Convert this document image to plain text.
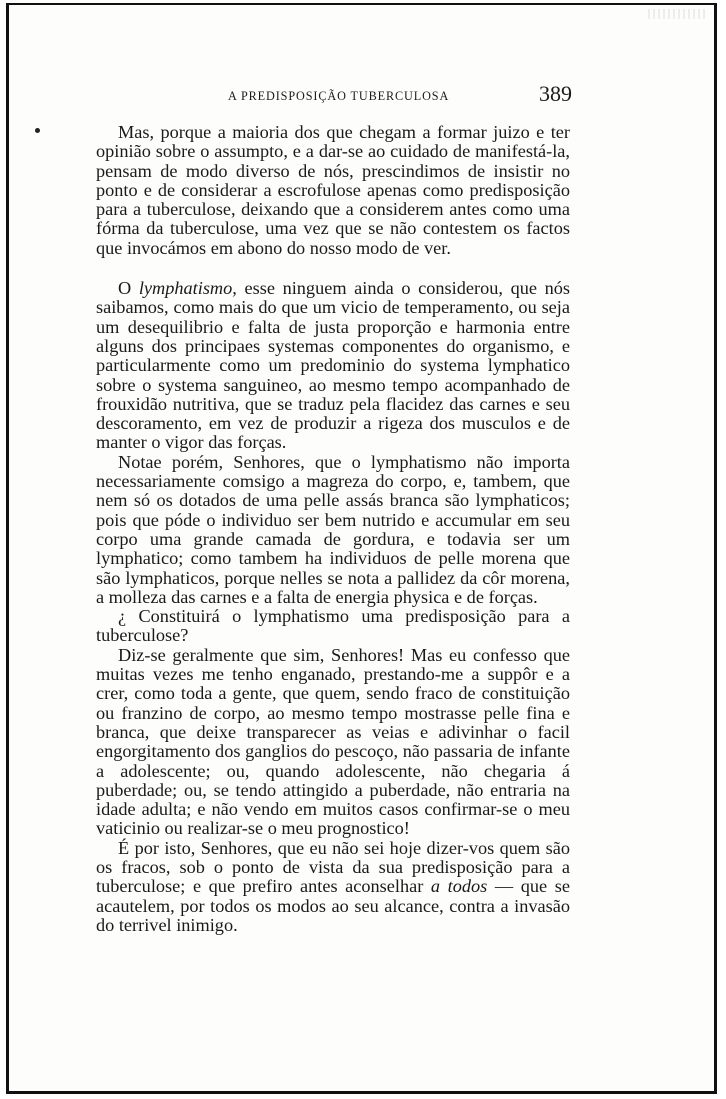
A PREDISPOSIÇÃO TUBERCULOSA	389

Mas, porque a maioria dos que chegam a formar juizo e ter opinião sobre o assumpto, e a dar-se ao cuidado de manifestá-la, pensam de modo diverso de nós, prescindimos de insistir no ponto e de considerar a escrofulose apenas como predisposição para a tuberculose, deixando que a considerem antes como uma fórma da tuberculose, uma vez que se não contestem os factos que invocámos em abono do nosso modo de ver.

O lymphatismo, esse ninguem ainda o considerou, que nós saibamos, como mais do que um vicio de temperamento, ou seja um desequilibrio e falta de justa proporção e harmonia entre alguns dos principaes systemas componentes do organismo, e particularmente como um predominio do systema lymphatico sobre o systema sanguineo, ao mesmo tempo acompanhado de frouxidão nutritiva, que se traduz pela flacidez das carnes e seu descoramento, em vez de produzir a rigeza dos musculos e de manter o vigor das forças.

Notae porém, Senhores, que o lymphatismo não importa necessariamente comsigo a magreza do corpo, e, tambem, que nem só os dotados de uma pelle assás branca são lymphaticos; pois que póde o individuo ser bem nutrido e accumular em seu corpo uma grande camada de gordura, e todavia ser um lymphatico; como tambem ha individuos de pelle morena que são lymphaticos, porque nelles se nota a pallidez da côr morena, a molleza das carnes e a falta de energia physica e de forças.

¿ Constituirá o lymphatismo uma predisposição para a tuberculose?

Diz-se geralmente que sim, Senhores! Mas eu confesso que muitas vezes me tenho enganado, prestando-me a suppôr e a crer, como toda a gente, que quem, sendo fraco de constituição ou franzino de corpo, ao mesmo tempo mostrasse pelle fina e branca, que deixe transparecer as veias e adivinhar o facil engorgitamento dos ganglios do pescoço, não passaria de infante a adolescente; ou, quando adolescente, não chegaria á puberdade; ou, se tendo attingido a puberdade, não entraria na idade adulta; e não vendo em muitos casos confirmar-se o meu vaticinio ou realizar-se o meu prognostico!

É por isto, Senhores, que eu não sei hoje dizer-vos quem são os fracos, sob o ponto de vista da sua predisposição para a tuberculose; e que prefiro antes aconselhar a todos — que se acautelem, por todos os modos ao seu alcance, contra a invasão do terrivel inimigo.
